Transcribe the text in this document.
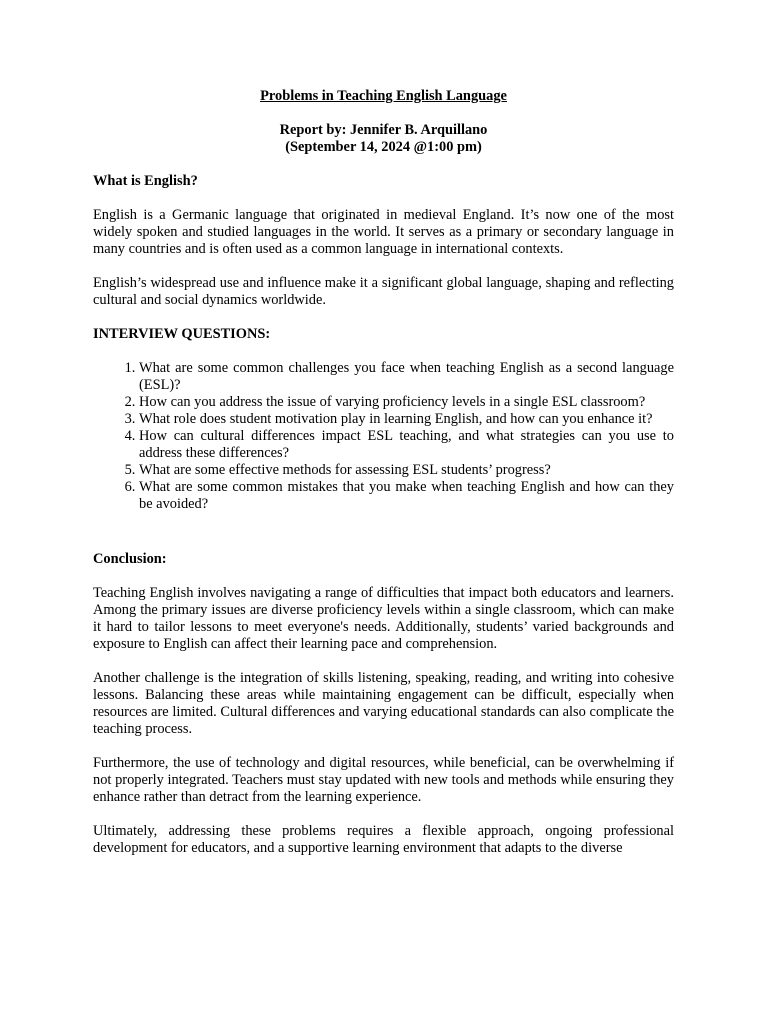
Problems in Teaching English Language
Report by: Jennifer B. Arquillano
(September 14, 2024 @1:00 pm)
What is English?

English is a Germanic language that originated in medieval England. It’s now one of the most widely spoken and studied languages in the world. It serves as a primary or secondary language in many countries and is often used as a common language in international contexts.

English’s widespread use and influence make it a significant global language, shaping and reflecting cultural and social dynamics worldwide.

INTERVIEW QUESTIONS:
1. What are some common challenges you face when teaching English as a second language (ESL)?
2. How can you address the issue of varying proficiency levels in a single ESL classroom?
3. What role does student motivation play in learning English, and how can you enhance it?
4. How can cultural differences impact ESL teaching, and what strategies can you use to address these differences?
5. What are some effective methods for assessing ESL students’ progress?
6. What are some common mistakes that you make when teaching English and how can they be avoided?
Conclusion:

Teaching English involves navigating a range of difficulties that impact both educators and learners. Among the primary issues are diverse proficiency levels within a single classroom, which can make it hard to tailor lessons to meet everyone's needs. Additionally, students’ varied backgrounds and exposure to English can affect their learning pace and comprehension.

Another challenge is the integration of skills listening, speaking, reading, and writing into cohesive lessons. Balancing these areas while maintaining engagement can be difficult, especially when resources are limited. Cultural differences and varying educational standards can also complicate the teaching process.

Furthermore, the use of technology and digital resources, while beneficial, can be overwhelming if not properly integrated. Teachers must stay updated with new tools and methods while ensuring they enhance rather than detract from the learning experience.

Ultimately, addressing these problems requires a flexible approach, ongoing professional development for educators, and a supportive learning environment that adapts to the diverse
